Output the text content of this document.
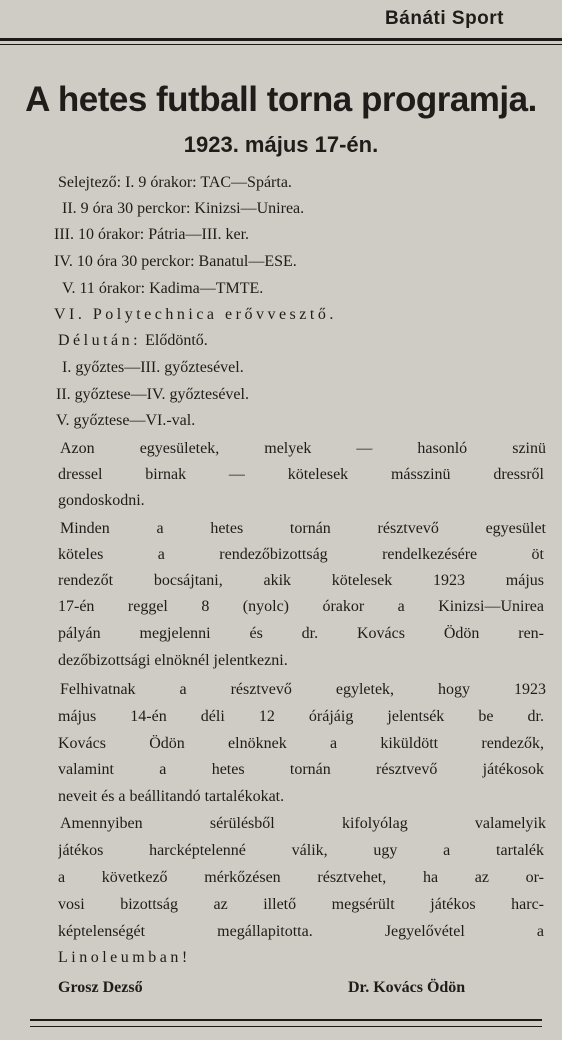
Bánáti Sport
A hetes futball torna programja.
1923. május 17-én.
Selejtező: I. 9 órakor: TAC—Spárta.
II. 9 óra 30 perckor: Kinizsi—Unirea.
III. 10 órakor: Pátria—III. ker.
IV. 10 óra 30 perckor: Banatul—ESE.
V. 11 órakor: Kadima—TMTE.
VI. Polytechnica erővvesztő.
Délután: Elődöntő.
I. győztes—III. győztesével.
II. győztese—IV. győztesével.
V. győztese—VI.-val.
Azon egyesületek, melyek — hasonló szinü
dressel birnak — kötelesek másszinü dressről
gondoskodni.
Minden a hetes tornán résztvevő egyesület
köteles a rendezőbizottság rendelkezésére öt
rendezőt bocsájtani, akik kötelesek 1923 május
17-én reggel 8 (nyolc) órakor a Kinizsi—Unirea
pályán megjelenni és dr. Kovács Ödön ren-
dezőbizottsági elnöknél jelentkezni.
Felhivatnak a résztvevő egyletek, hogy 1923
május 14-én déli 12 órájáig jelentsék be dr.
Kovács Ödön elnöknek a kiküldött rendezők,
valamint a hetes tornán résztvevő játékosok
neveit és a beállitandó tartalékokat.
Amennyiben sérülésből kifolyólag valamelyik
játékos harcképtelenné válik, ugy a tartalék
a következő mérkőzésen résztvehet, ha az or-
vosi bizottság az illető megsérült játékos harc-
képtelenségét megállapitotta. Jegyelővétel a
Linoleumban!
Grosz Dezső	Dr. Kovács Ödön
